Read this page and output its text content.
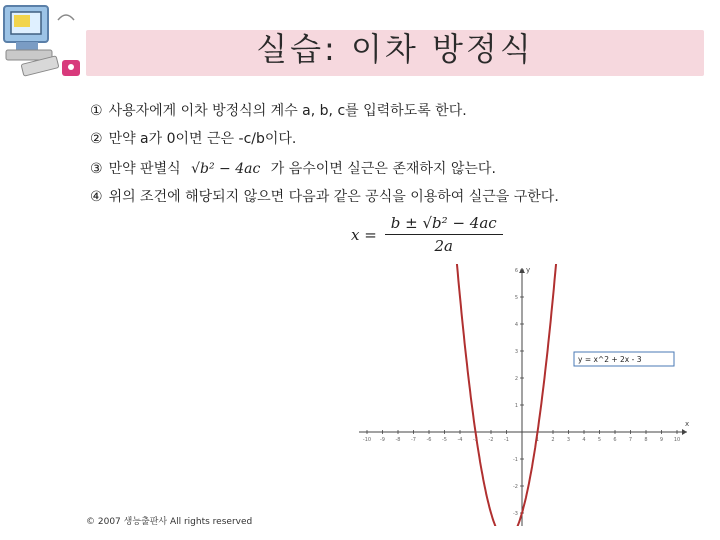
실습: 이차 방정식
① 사용자에게 이차 방정식의 계수 a, b, c를 입력하도록 한다.
② 만약 a가 0이면 근은 -c/b이다.
③ 만약 판별식 √b² − 4ac 가 음수이면 실근은 존재하지 않는다.
④ 위의 조건에 해당되지 않으면 다음과 같은 공식을 이용하여 실근을 구한다.
x =	b ± √b² − 4ac
2a
x
y
-10 -9 -8 -7 -6 -5 -4 -3 -2 -1	1 2 3 4 5 6 7 8 9 10
-3
-2
-1
1
2
3
4
5
6
y = x^2 + 2x - 3
© 2007 생능출판사 All rights reserved
